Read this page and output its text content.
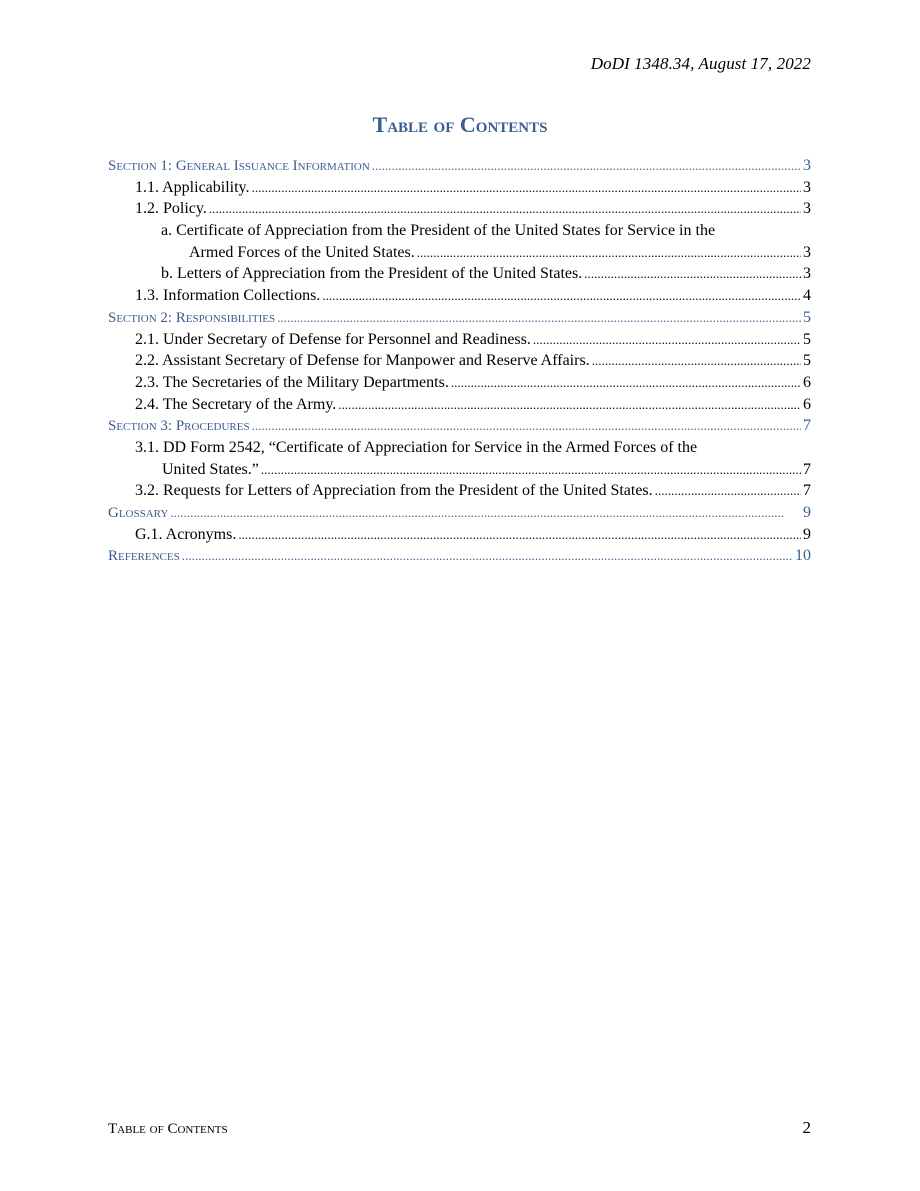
DoDI 1348.34, August 17, 2022
Table of Contents
Section 1: General Issuance Information . . .	3
1.1. Applicability. . . .	3
1.2. Policy. . . .	3
a. Certificate of Appreciation from the President of the United States for Service in the
Armed Forces of the United States. . . .	3
b. Letters of Appreciation from the President of the United States. . . .	3
1.3. Information Collections. . . .	4
Section 2: Responsibilities . . .	5
2.1. Under Secretary of Defense for Personnel and Readiness. . . .	5
2.2. Assistant Secretary of Defense for Manpower and Reserve Affairs. . . .	5
2.3. The Secretaries of the Military Departments. . . .	6
2.4. The Secretary of the Army. . . .	6
Section 3: Procedures . . .	7
3.1. DD Form 2542, “Certificate of Appreciation for Service in the Armed Forces of the
United States.” . . .	7
3.2. Requests for Letters of Appreciation from the President of the United States. . . .	7
Glossary . . .	9
G.1. Acronyms. . . .	9
References . . .	10
Table of Contents	2
